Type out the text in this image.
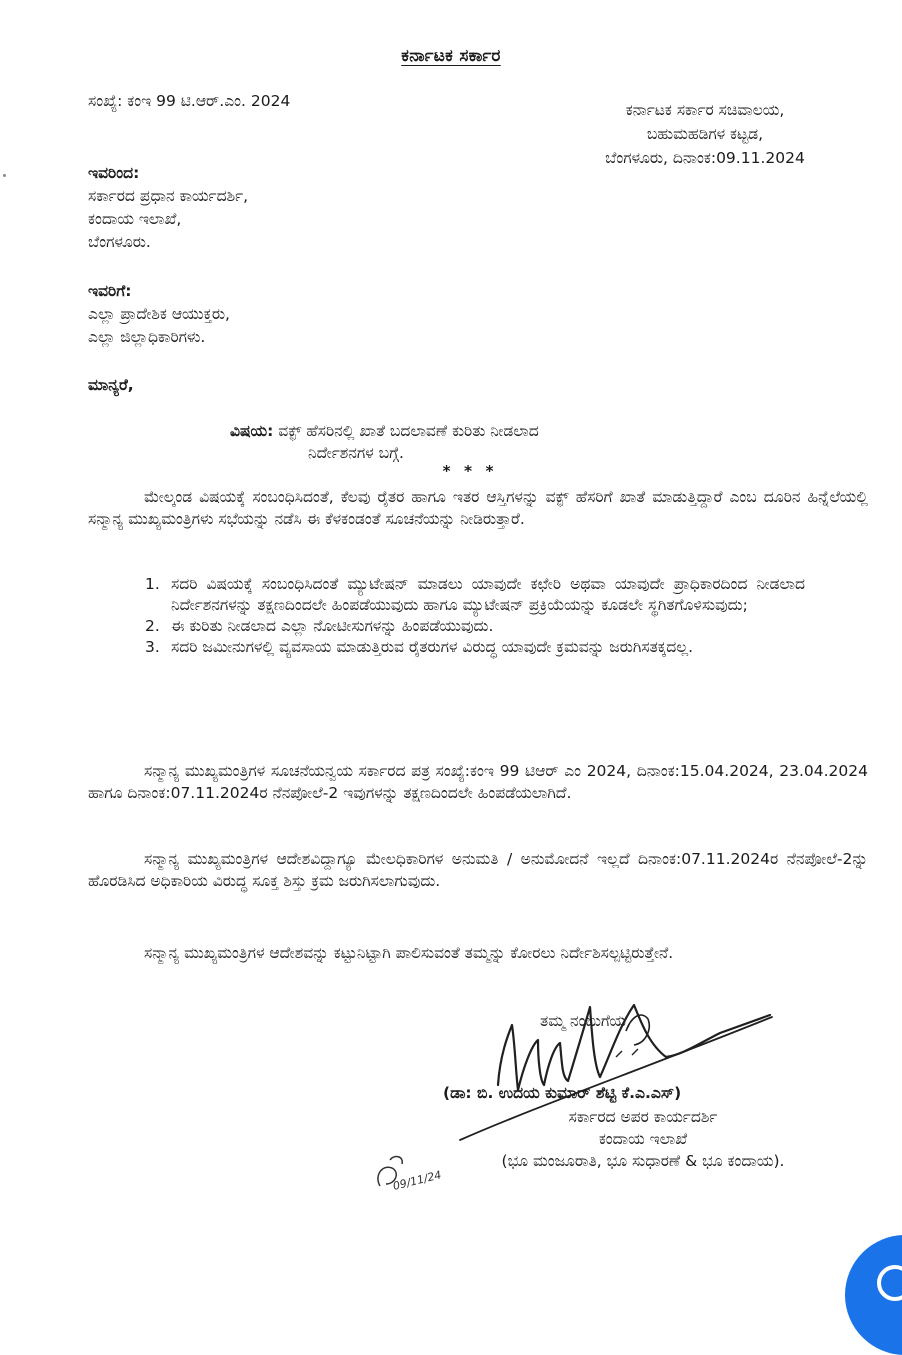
ಕರ್ನಾಟಕ ಸರ್ಕಾರ
ಸಂಖ್ಯೆ: ಕಂಇ 99 ಟಿ.ಆರ್.ಎಂ. 2024	ಕರ್ನಾಟಕ ಸರ್ಕಾರ ಸಚಿವಾಲಯ,
ಬಹುಮಹಡಿಗಳ ಕಟ್ಟಡ,
ಬೆಂಗಳೂರು, ದಿನಾಂಕ:09.11.2024
ಇವರಿಂದ:
ಸರ್ಕಾರದ ಪ್ರಧಾನ ಕಾರ್ಯದರ್ಶಿ,
ಕಂದಾಯ ಇಲಾಖೆ,
ಬೆಂಗಳೂರು.
ಇವರಿಗೆ:
ಎಲ್ಲಾ ಪ್ರಾದೇಶಿಕ ಆಯುಕ್ತರು,
ಎಲ್ಲಾ ಜಿಲ್ಲಾಧಿಕಾರಿಗಳು.
ಮಾನ್ಯರೆ,
ವಿಷಯ: ವಕ್ಫ್ ಹೆಸರಿನಲ್ಲಿ ಖಾತೆ ಬದಲಾವಣೆ ಕುರಿತು ನೀಡಲಾದ
ನಿರ್ದೇಶನಗಳ ಬಗ್ಗೆ.
* * *
ಮೇಲ್ಕಂಡ ವಿಷಯಕ್ಕೆ ಸಂಬಂಧಿಸಿದಂತೆ, ಕೆಲವು ರೈತರ ಹಾಗೂ ಇತರ ಆಸ್ತಿಗಳನ್ನು ವಕ್ಫ್ ಹೆಸರಿಗೆ ಖಾತೆ ಮಾಡುತ್ತಿದ್ದಾರೆ ಎಂಬ ದೂರಿನ ಹಿನ್ನೆಲೆಯಲ್ಲಿ ಸನ್ಮಾನ್ಯ ಮುಖ್ಯಮಂತ್ರಿಗಳು ಸಭೆಯನ್ನು ನಡೆಸಿ ಈ ಕೆಳಕಂಡಂತೆ ಸೂಚನೆಯನ್ನು ನೀಡಿರುತ್ತಾರೆ.
1. ಸದರಿ ವಿಷಯಕ್ಕೆ ಸಂಬಂಧಿಸಿದಂತೆ ಮ್ಯುಟೇಷನ್ ಮಾಡಲು ಯಾವುದೇ ಕಛೇರಿ ಅಥವಾ ಯಾವುದೇ ಪ್ರಾಧಿಕಾರದಿಂದ ನೀಡಲಾದ ನಿರ್ದೇಶನಗಳನ್ನು ತಕ್ಷಣದಿಂದಲೇ ಹಿಂಪಡೆಯುವುದು ಹಾಗೂ ಮ್ಯುಟೇಷನ್ ಪ್ರಕ್ರಿಯೆಯನ್ನು ಕೂಡಲೇ ಸ್ಥಗಿತಗೊಳಿಸುವುದು;
2. ಈ ಕುರಿತು ನೀಡಲಾದ ಎಲ್ಲಾ ನೋಟೀಸುಗಳನ್ನು ಹಿಂಪಡೆಯುವುದು.
3. ಸದರಿ ಜಮೀನುಗಳಲ್ಲಿ ವ್ಯವಸಾಯ ಮಾಡುತ್ತಿರುವ ರೈತರುಗಳ ವಿರುದ್ಧ ಯಾವುದೇ ಕ್ರಮವನ್ನು ಜರುಗಿಸತಕ್ಕದಲ್ಲ.
ಸನ್ಮಾನ್ಯ ಮುಖ್ಯಮಂತ್ರಿಗಳ ಸೂಚನೆಯನ್ವಯ ಸರ್ಕಾರದ ಪತ್ರ ಸಂಖ್ಯೆ:ಕಂಇ 99 ಟಿಆರ್ ಎಂ 2024, ದಿನಾಂಕ:15.04.2024, 23.04.2024 ಹಾಗೂ ದಿನಾಂಕ:07.11.2024ರ ನೆನಪೋಲೆ-2 ಇವುಗಳನ್ನು ತಕ್ಷಣದಿಂದಲೇ ಹಿಂಪಡೆಯಲಾಗಿದೆ.
ಸನ್ಮಾನ್ಯ ಮುಖ್ಯಮಂತ್ರಿಗಳ ಆದೇಶವಿದ್ದಾಗ್ಯೂ ಮೇಲಧಿಕಾರಿಗಳ ಅನುಮತಿ / ಅನುಮೋದನೆ ಇಲ್ಲದೆ ದಿನಾಂಕ:07.11.2024ರ ನೆನಪೋಲೆ-2ನ್ನು ಹೊರಡಿಸಿದ ಅಧಿಕಾರಿಯ ವಿರುದ್ಧ ಸೂಕ್ತ ಶಿಸ್ತು ಕ್ರಮ ಜರುಗಿಸಲಾಗುವುದು.
ಸನ್ಮಾನ್ಯ ಮುಖ್ಯಮಂತ್ರಿಗಳ ಆದೇಶವನ್ನು ಕಟ್ಟುನಿಟ್ಟಾಗಿ ಪಾಲಿಸುವಂತೆ ತಮ್ಮನ್ನು ಕೋರಲು ನಿರ್ದೇಶಿಸಲ್ಪಟ್ಟಿರುತ್ತೇನೆ.
ತಮ್ಮ ನಂಬುಗೆಯ,
(ಡಾ: ಬಿ. ಉದಯ ಕುಮಾರ್ ಶೆಟ್ಟಿ ಕೆ.ಎ.ಎಸ್)
ಸರ್ಕಾರದ ಅಪರ ಕಾರ್ಯದರ್ಶಿ
ಕಂದಾಯ ಇಲಾಖೆ
(ಭೂ ಮಂಜೂರಾತಿ, ಭೂ ಸುಧಾರಣೆ & ಭೂ ಕಂದಾಯ).
09/11/24
